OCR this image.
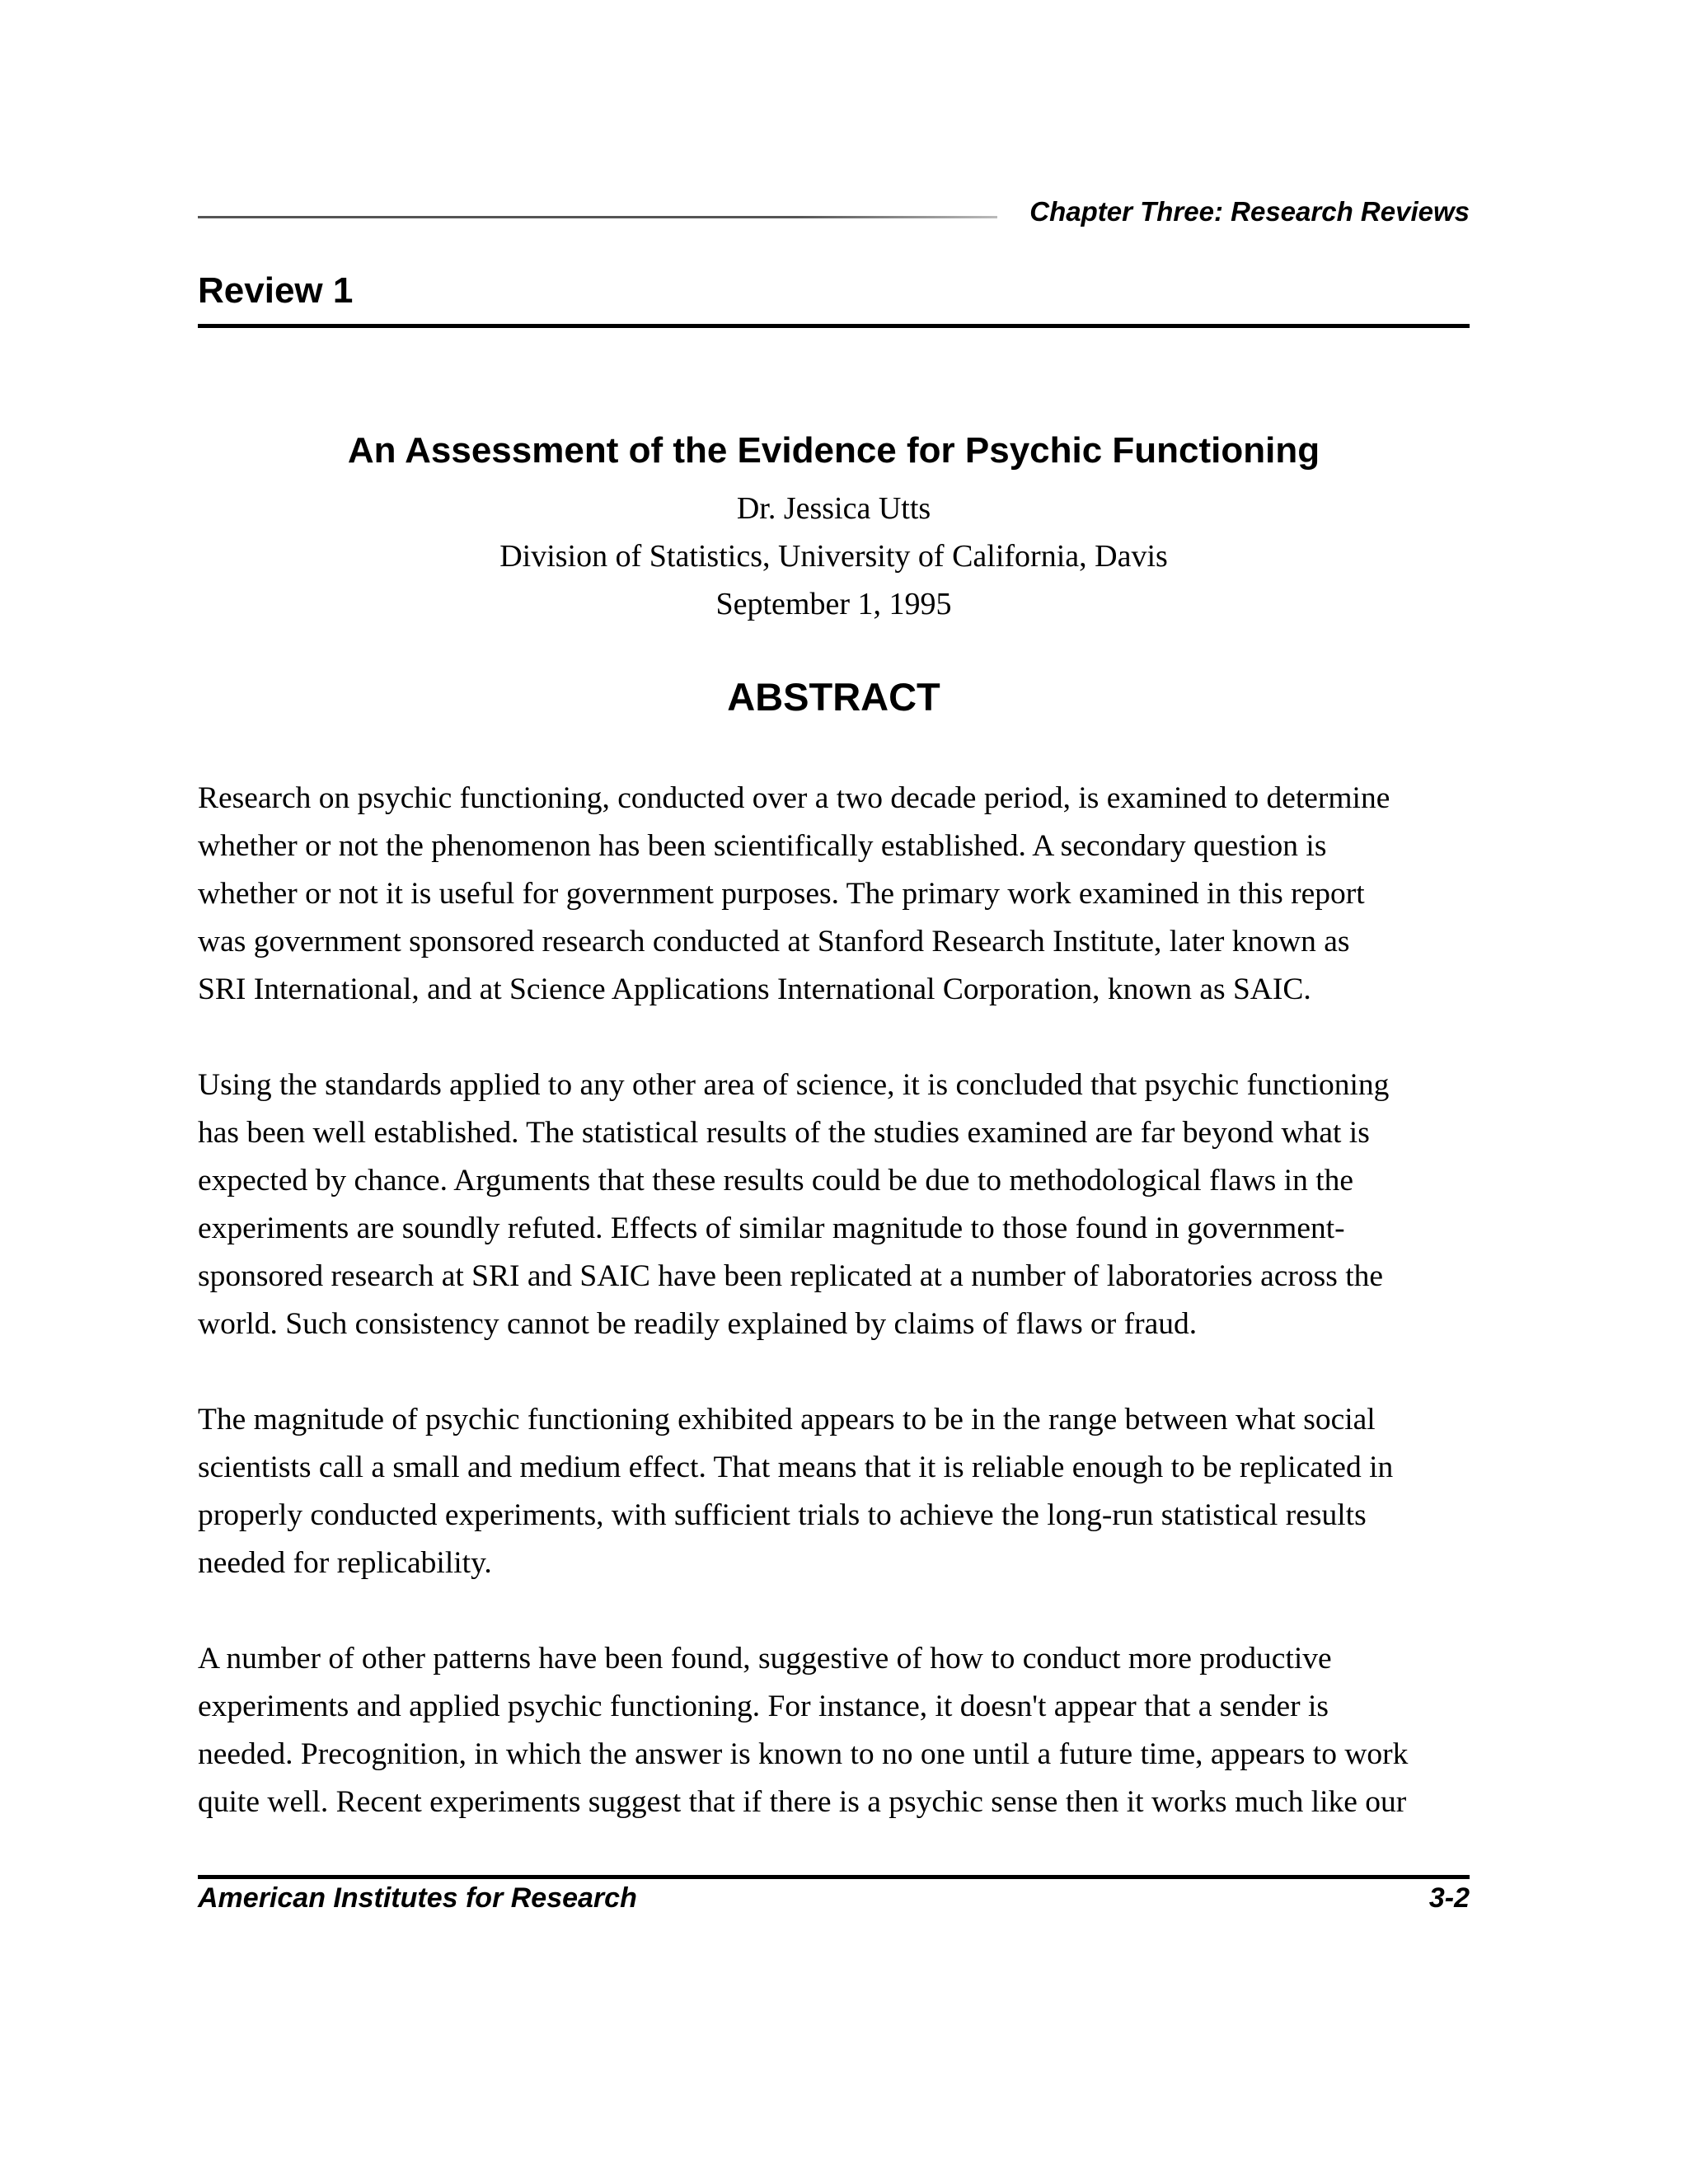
Chapter Three: Research Reviews
Review 1
An Assessment of the Evidence for Psychic Functioning
Dr. Jessica Utts
Division of Statistics, University of California, Davis
September 1, 1995
ABSTRACT

Research on psychic functioning, conducted over a two decade period, is examined to determine
whether or not the phenomenon has been scientifically established. A secondary question is
whether or not it is useful for government purposes. The primary work examined in this report
was government sponsored research conducted at Stanford Research Institute, later known as
SRI International, and at Science Applications International Corporation, known as SAIC.

Using the standards applied to any other area of science, it is concluded that psychic functioning
has been well established. The statistical results of the studies examined are far beyond what is
expected by chance. Arguments that these results could be due to methodological flaws in the
experiments are soundly refuted. Effects of similar magnitude to those found in government-
sponsored research at SRI and SAIC have been replicated at a number of laboratories across the
world. Such consistency cannot be readily explained by claims of flaws or fraud.

The magnitude of psychic functioning exhibited appears to be in the range between what social
scientists call a small and medium effect. That means that it is reliable enough to be replicated in
properly conducted experiments, with sufficient trials to achieve the long-run statistical results
needed for replicability.

A number of other patterns have been found, suggestive of how to conduct more productive
experiments and applied psychic functioning. For instance, it doesn't appear that a sender is
needed. Precognition, in which the answer is known to no one until a future time, appears to work
quite well. Recent experiments suggest that if there is a psychic sense then it works much like our

American Institutes for Research	3-2
